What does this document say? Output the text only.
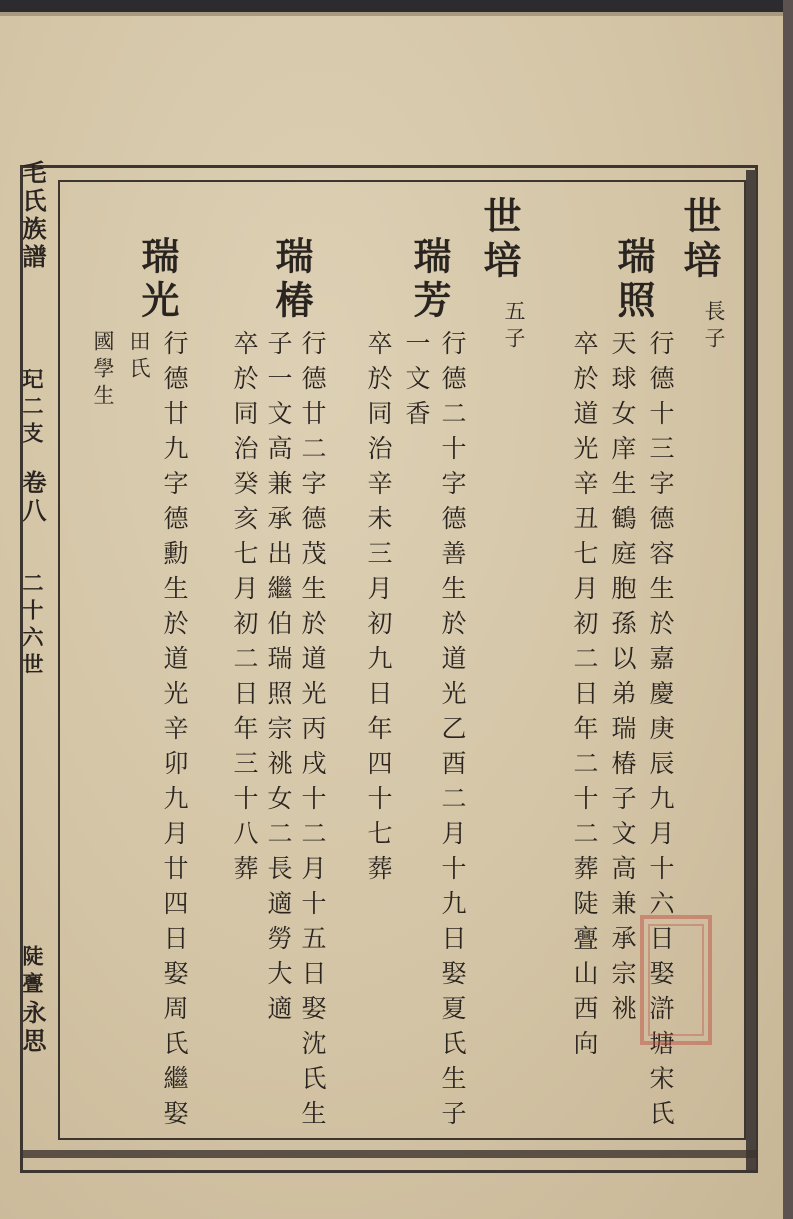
毛氏族譜
玘二支
卷八
二十六世
陡亹
永思
世培
長子
瑞照
行德十三字德容生於嘉慶庚辰九月十六日娶滸塘宋氏
天球女庠生鶴庭胞孫以弟瑞椿子文高兼承宗祧
卒於道光辛丑七月初二日年二十二葬陡亹山西向
世培
五子
瑞芳
行德二十字德善生於道光乙酉二月十九日娶夏氏生子
一文香
卒於同治辛未三月初九日年四十七葬
瑞椿
行德廿二字德茂生於道光丙戌十二月十五日娶沈氏生
子一文高兼承出繼伯瑞照宗祧女二長適勞大適
卒於同治癸亥七月初二日年三十八葬
瑞光
行德廿九字德勳生於道光辛卯九月廿四日娶周氏繼娶
田氏
國學生
